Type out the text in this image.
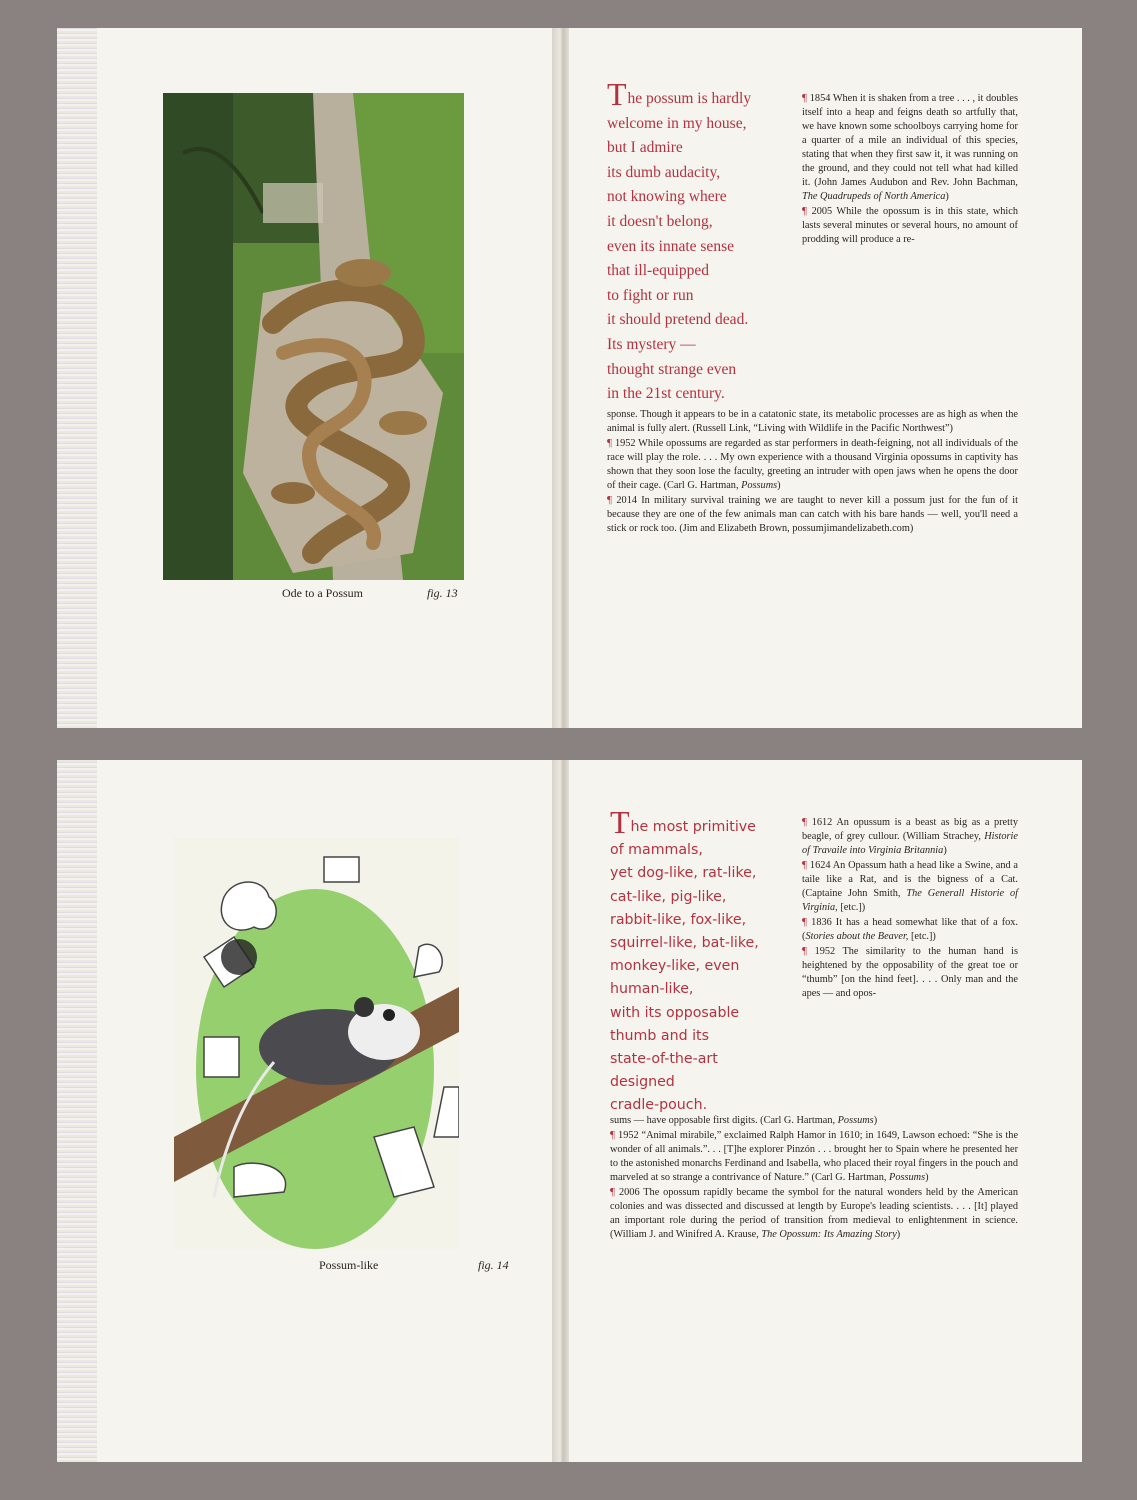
Ode to a Possum	fig. 13
The possum is hardly
welcome in my house,
but I admire
its dumb audacity,
not knowing where
it doesn't belong,
even its innate sense
that ill-equipped
to fight or run
it should pretend dead.
Its mystery —
thought strange even
in the 21st century.

¶ 1854 When it is shaken from a tree . . . , it doubles itself into a heap and feigns death so artfully that, we have known some schoolboys carrying home for a quarter of a mile an individual of this species, stating that when they first saw it, it was running on the ground, and they could not tell what had killed it. (John James Audubon and Rev. John Bachman, The Quadrupeds of North America)

¶ 2005 While the opossum is in this state, which lasts several minutes or several hours, no amount of prodding will produce a re-

sponse. Though it appears to be in a catatonic state, its metabolic processes are as high as when the animal is fully alert. (Russell Link, “Living with Wildlife in the Pacific Northwest”)

¶ 1952 While opossums are regarded as star performers in death-feigning, not all individuals of the race will play the role. . . . My own experience with a thousand Virginia opossums in captivity has shown that they soon lose the faculty, greeting an intruder with open jaws when he opens the door of their cage. (Carl G. Hartman, Possums)

¶ 2014 In military survival training we are taught to never kill a possum just for the fun of it because they are one of the few animals man can catch with his bare hands — well, you'll need a stick or rock too. (Jim and Elizabeth Brown, possumjimandelizabeth.com)

Possum-like	fig. 14
The most primitive
of mammals,
yet dog-like, rat-like,
cat-like, pig-like,
rabbit-like, fox-like,
squirrel-like, bat-like,
monkey-like, even
human-like,
with its opposable
thumb and its
state-of-the-art
designed
cradle-pouch.

¶ 1612 An opussum is a beast as big as a pretty beagle, of grey cullour. (William Strachey, Historie of Travaile into Virginia Britannia)

¶ 1624 An Opassum hath a head like a Swine, and a taile like a Rat, and is the bigness of a Cat. (Captaine John Smith, The Generall Historie of Virginia, [etc.])

¶ 1836 It has a head somewhat like that of a fox. (Stories about the Beaver, [etc.])

¶ 1952 The similarity to the human hand is heightened by the opposability of the great toe or “thumb” [on the hind feet]. . . . Only man and the apes — and opos-

sums — have opposable first digits. (Carl G. Hartman, Possums)

¶ 1952 “Animal mirabile,” exclaimed Ralph Hamor in 1610; in 1649, Lawson echoed: “She is the wonder of all animals.”. . . [T]he explorer Pinzón . . . brought her to Spain where he presented her to the astonished monarchs Ferdinand and Isabella, who placed their royal fingers in the pouch and marveled at so strange a contrivance of Nature.” (Carl G. Hartman, Possums)

¶ 2006 The opossum rapidly became the symbol for the natural wonders held by the American colonies and was dissected and discussed at length by Europe's leading scientists. . . . [It] played an important role during the period of transition from medieval to enlightenment in science. (William J. and Winifred A. Krause, The Opossum: Its Amazing Story)
